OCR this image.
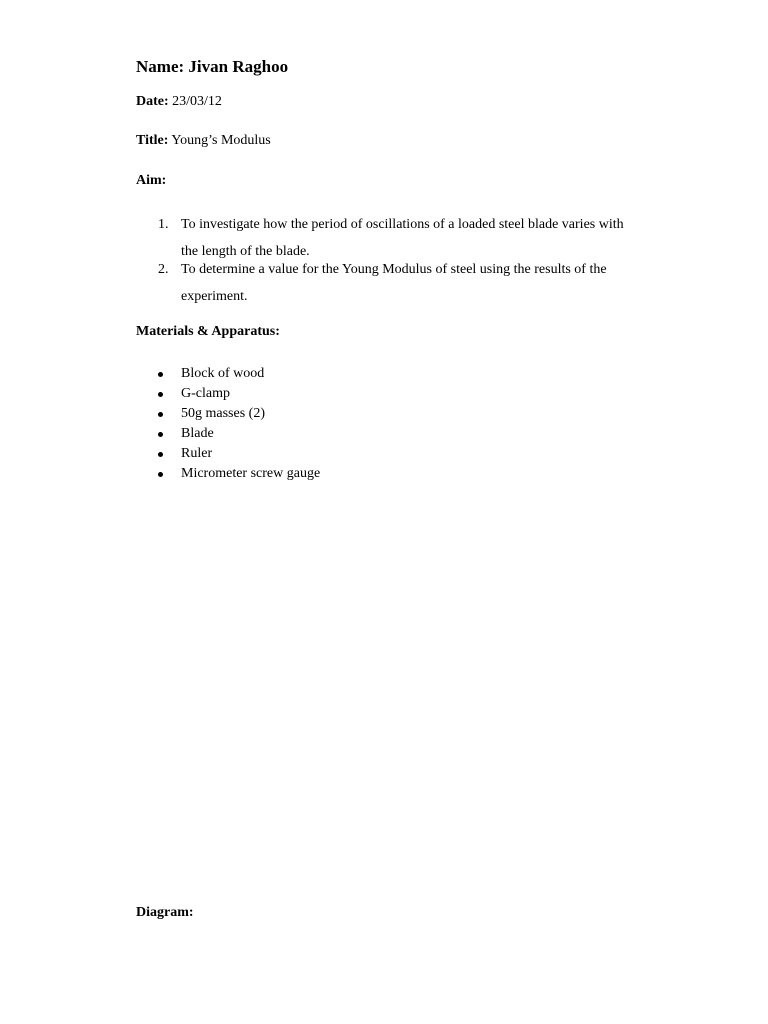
Name: Jivan Raghoo
Date: 23/03/12
Title: Young’s Modulus
Aim:
1. To investigate how the period of oscillations of a loaded steel blade varies with
the length of the blade.
2. To determine a value for the Young Modulus of steel using the results of the
experiment.
Materials & Apparatus:
Block of wood
G-clamp
50g masses (2)
Blade
Ruler
Micrometer screw gauge
Diagram:
